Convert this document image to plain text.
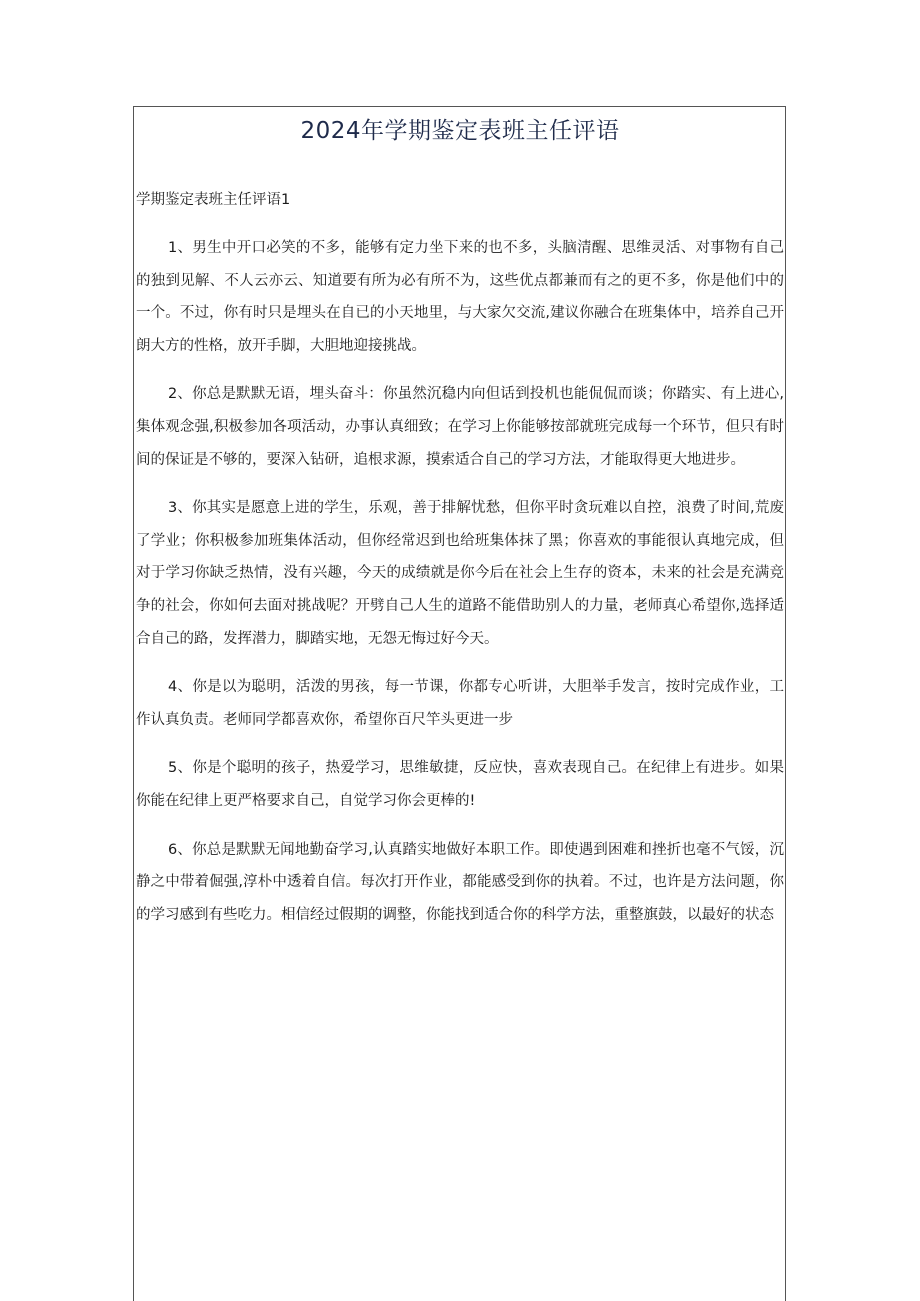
2024年学期鉴定表班主任评语
学期鉴定表班主任评语1

1、男生中开口必笑的不多，能够有定力坐下来的也不多，头脑清醒、思维灵活、对事物有自己的独到见解、不人云亦云、知道要有所为必有所不为，这些优点都兼而有之的更不多，你是他们中的一个。不过，你有时只是埋头在自已的小天地里，与大家欠交流,建议你融合在班集体中，培养自己开朗大方的性格，放开手脚，大胆地迎接挑战。

2、你总是默默无语，埋头奋斗：你虽然沉稳内向但话到投机也能侃侃而谈；你踏实、有上进心,集体观念强,积极参加各项活动，办事认真细致；在学习上你能够按部就班完成每一个环节，但只有时间的保证是不够的，要深入钻研，追根求源，摸索适合自己的学习方法，才能取得更大地进步。

3、你其实是愿意上进的学生，乐观，善于排解忧愁，但你平时贪玩难以自控，浪费了时间,荒废了学业；你积极参加班集体活动，但你经常迟到也给班集体抹了黑；你喜欢的事能很认真地完成，但对于学习你缺乏热情，没有兴趣，今天的成绩就是你今后在社会上生存的资本，未来的社会是充满竞争的社会，你如何去面对挑战呢？开劈自己人生的道路不能借助别人的力量，老师真心希望你,选择适合自己的路，发挥潜力，脚踏实地，无怨无悔过好今天。

4、你是以为聪明，活泼的男孩，每一节课，你都专心听讲，大胆举手发言，按时完成作业，工作认真负责。老师同学都喜欢你，希望你百尺竿头更进一步

5、你是个聪明的孩子，热爱学习，思维敏捷，反应快，喜欢表现自己。在纪律上有进步。如果你能在纪律上更严格要求自己，自觉学习你会更棒的!

6、你总是默默无闻地勤奋学习,认真踏实地做好本职工作。即使遇到困难和挫折也毫不气馁，沉静之中带着倔强,淳朴中透着自信。每次打开作业，都能感受到你的执着。不过，也许是方法问题，你的学习感到有些吃力。相信经过假期的调整，你能找到适合你的科学方法，重整旗鼓，以最好的状态
